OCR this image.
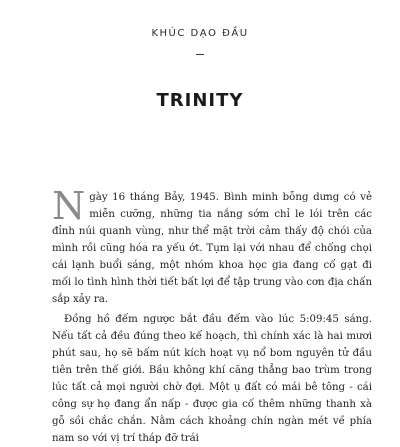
KHÚC DẠO ĐẦU
TRINITY

Ngày 16 tháng Bảy, 1945. Bình minh bỗng dưng có vẻ miễn cưỡng, những tia nắng sớm chỉ le lói trên các đỉnh núi quanh vùng, như thể mặt trời cảm thấy độ chói của mình rồi cũng hóa ra yếu ớt. Tụm lại với nhau để chống chọi cái lạnh buổi sáng, một nhóm khoa học gia đang cố gạt đi mối lo tình hình thời tiết bất lợi để tập trung vào cơn địa chấn sắp xảy ra.

Đồng hồ đếm ngược bắt đầu đếm vào lúc 5:09:45 sáng. Nếu tất cả đều đúng theo kế hoạch, thì chính xác là hai mươi phút sau, họ sẽ bấm nút kích hoạt vụ nổ bom nguyên tử đầu tiên trên thế giới. Bầu không khí căng thẳng bao trùm trong lúc tất cả mọi người chờ đợi. Một ụ đất có mái bê tông - cái công sự họ đang ẩn nấp - được gia cố thêm những thanh xà gỗ sồi chắc chắn. Nằm cách khoảng chín ngàn mét về phía nam so với vị trí tháp đỡ trái
